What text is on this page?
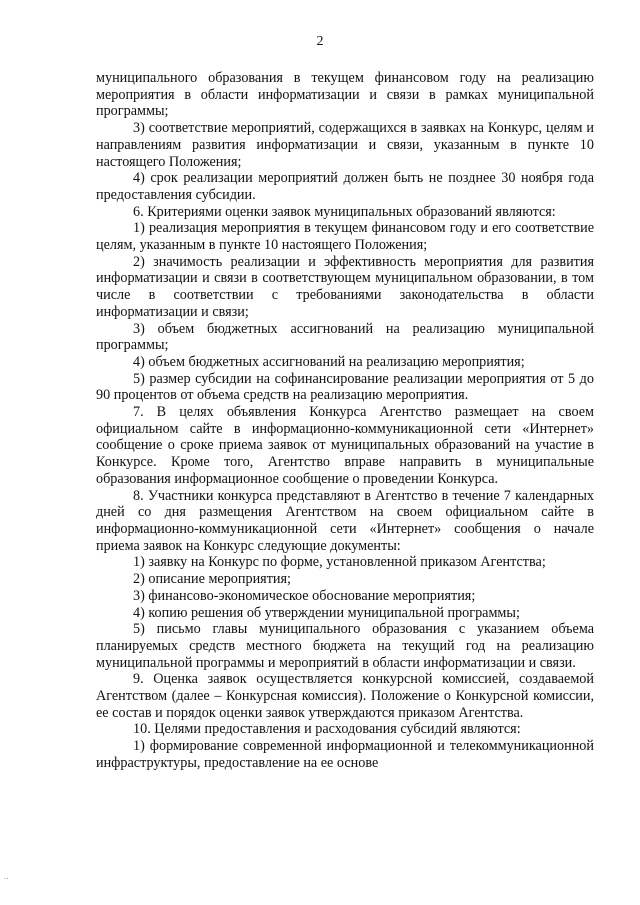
2

муниципального образования в текущем финансовом году на реализацию мероприятия в области информатизации и связи в рамках муниципальной программы;

3) соответствие мероприятий, содержащихся в заявках на Конкурс, целям и направлениям развития информатизации и связи, указанным в пункте 10 настоящего Положения;

4) срок реализации мероприятий должен быть не позднее 30 ноября года предоставления субсидии.

6. Критериями оценки заявок муниципальных образований являются:

1) реализация мероприятия в текущем финансовом году и его соответствие целям, указанным в пункте 10 настоящего Положения;

2) значимость реализации и эффективность мероприятия для развития информатизации и связи в соответствующем муниципальном образовании, в том числе в соответствии с требованиями законодательства в области информатизации и связи;

3) объем бюджетных ассигнований на реализацию муниципальной программы;

4) объем бюджетных ассигнований на реализацию мероприятия;

5) размер субсидии на софинансирование реализации мероприятия от 5 до 90 процентов от объема средств на реализацию мероприятия.

7. В целях объявления Конкурса Агентство размещает на своем официальном сайте в информационно-коммуникационной сети «Интернет» сообщение о сроке приема заявок от муниципальных образований на участие в Конкурсе. Кроме того, Агентство вправе направить в муниципальные образования информационное сообщение о проведении Конкурса.

8. Участники конкурса представляют в Агентство в течение 7 календарных дней со дня размещения Агентством на своем официальном сайте в информационно-коммуникационной сети «Интернет» сообщения о начале приема заявок на Конкурс следующие документы:

1) заявку на Конкурс по форме, установленной приказом Агентства;

2) описание мероприятия;

3) финансово-экономическое обоснование мероприятия;

4) копию решения об утверждении муниципальной программы;

5) письмо главы муниципального образования с указанием объема планируемых средств местного бюджета на текущий год на реализацию муниципальной программы и мероприятий в области информатизации и связи.

9. Оценка заявок осуществляется конкурсной комиссией, создаваемой Агентством (далее – Конкурсная комиссия). Положение о Конкурсной комиссии, ее состав и порядок оценки заявок утверждаются приказом Агентства.

10. Целями предоставления и расходования субсидий являются:

1) формирование современной информационной и телекоммуникационной инфраструктуры, предоставление на ее основе

..
